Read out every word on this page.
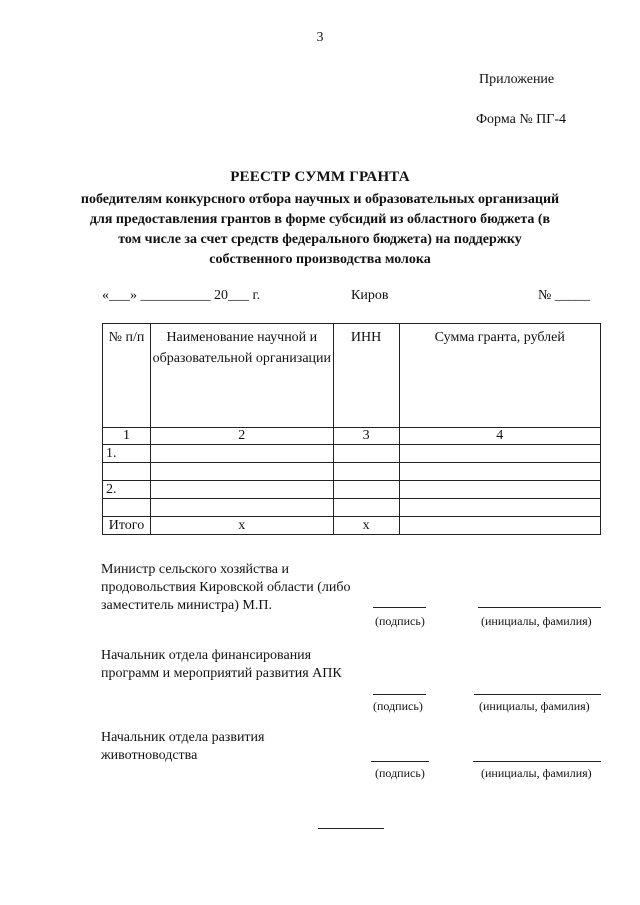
3
Приложение
Форма № ПГ-4
РЕЕСТР СУММ ГРАНТА
победителям конкурсного отбора научных и образовательных организаций для предоставления грантов в форме субсидий из областного бюджета (в том числе за счет средств федерального бюджета) на поддержку собственного производства молока
«___» __________ 20___ г.	Киров	№ _____
№ п/п	Наименование научной и образовательной организации	ИНН	Сумма гранта, рублей
1	2	3	4
1.			

2.			

Итого	х	х	
Министр сельского хозяйства и продовольствия Кировской области (либо заместитель министра) М.П.
(подпись)	(инициалы, фамилия)
Начальник отдела финансирования программ и мероприятий развития АПК
(подпись)	(инициалы, фамилия)
Начальник отдела развития животноводства
(подпись)	(инициалы, фамилия)
